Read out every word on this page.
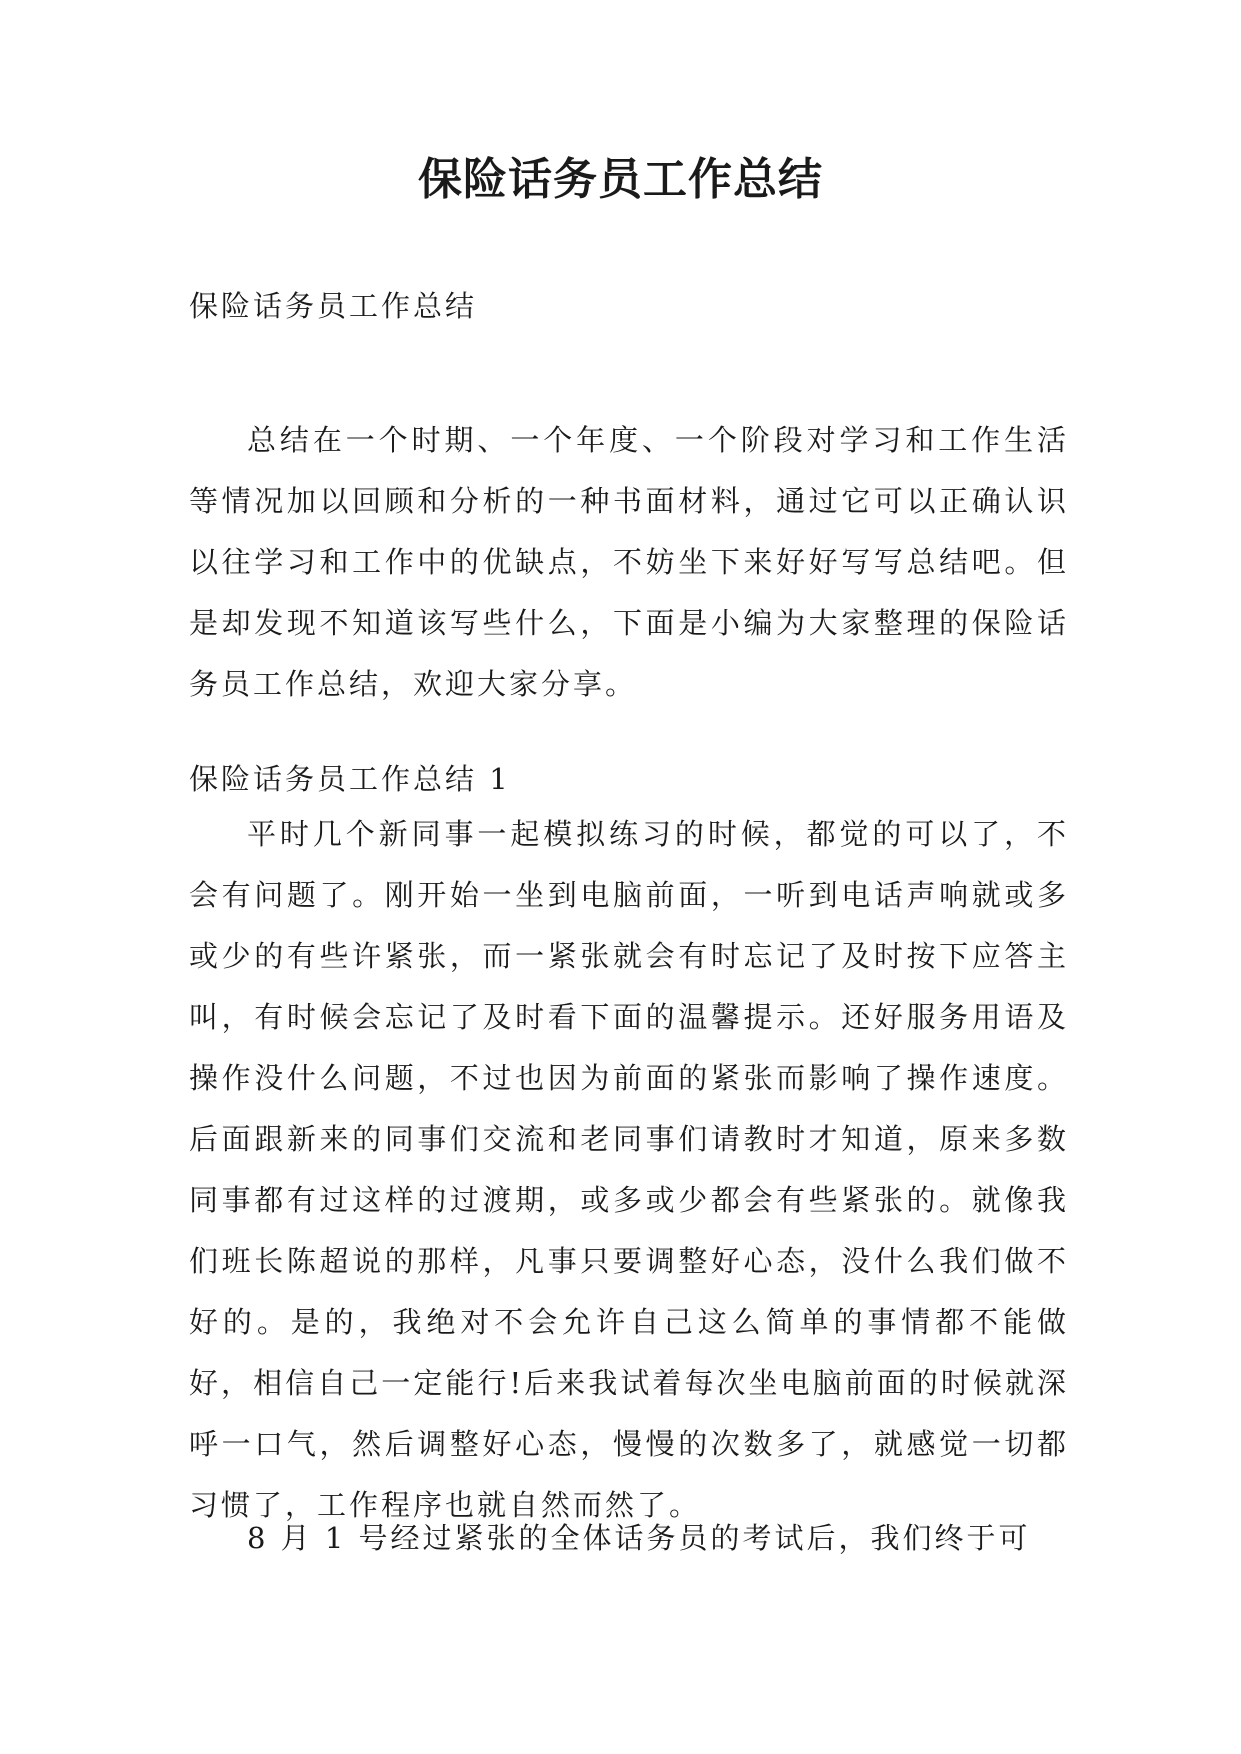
保险话务员工作总结

保险话务员工作总结

总结在一个时期、一个年度、一个阶段对学习和工作生活等情况加以回顾和分析的一种书面材料，通过它可以正确认识以往学习和工作中的优缺点，不妨坐下来好好写写总结吧。但是却发现不知道该写些什么，下面是小编为大家整理的保险话务员工作总结，欢迎大家分享。

保险话务员工作总结 1

平时几个新同事一起模拟练习的时候，都觉的可以了，不会有问题了。刚开始一坐到电脑前面，一听到电话声响就或多或少的有些许紧张，而一紧张就会有时忘记了及时按下应答主叫，有时候会忘记了及时看下面的温馨提示。还好服务用语及操作没什么问题，不过也因为前面的紧张而影响了操作速度。后面跟新来的同事们交流和老同事们请教时才知道，原来多数同事都有过这样的过渡期，或多或少都会有些紧张的。就像我们班长陈超说的那样，凡事只要调整好心态，没什么我们做不好的。是的，我绝对不会允许自己这么简单的事情都不能做好，相信自己一定能行!后来我试着每次坐电脑前面的时候就深呼一口气，然后调整好心态，慢慢的次数多了，就感觉一切都习惯了，工作程序也就自然而然了。

8 月 1 号经过紧张的全体话务员的考试后，我们终于可
